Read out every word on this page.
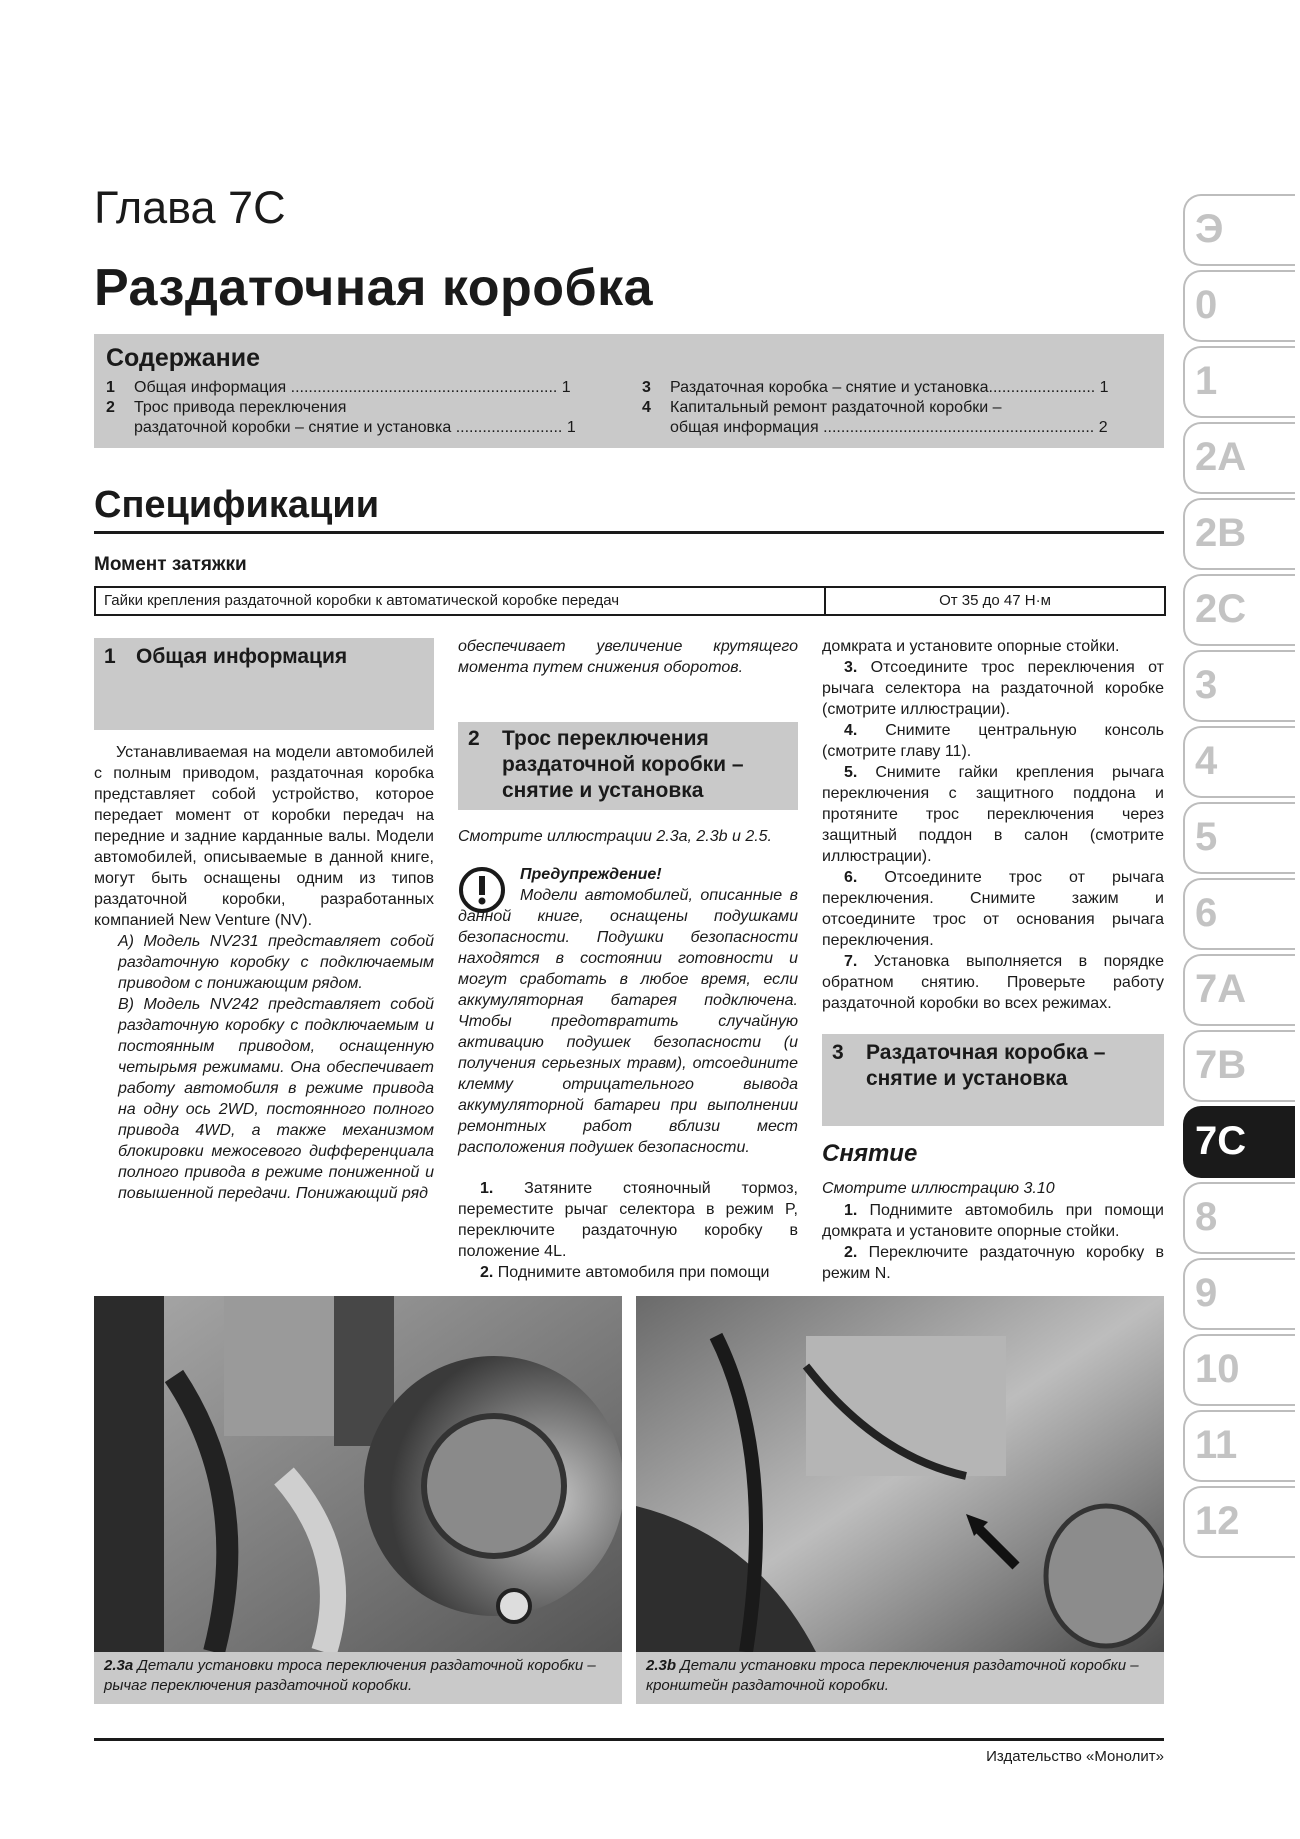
Глава 7С
Раздаточная коробка
Содержание
1 Общая информация ............................................................ 1
2 Трос привода переключения
раздаточной коробки – снятие и установка ........................ 1
3 Раздаточная коробка – снятие и установка........................ 1
4 Капитальный ремонт раздаточной коробки –
общая информация ............................................................. 2
Спецификации
Момент затяжки
Гайки крепления раздаточной коробки к автоматической коробке передач	От 35 до 47 Н·м
1 Общая информация

Устанавливаемая на модели автомобилей с полным приводом, раздаточная коробка представляет собой устройство, которое передает момент от коробки передач на передние и задние карданные валы. Модели автомобилей, описываемые в данной книге, могут быть оснащены одним из типов раздаточной коробки, разработанных компанией New Venture (NV).

А) Модель NV231 представляет собой раздаточную коробку с подключаемым приводом с понижающим рядом.

В) Модель NV242 представляет собой раздаточную коробку с подключаемым и постоянным приводом, оснащенную четырьмя режимами. Она обеспечивает работу автомобиля в режиме привода на одну ось 2WD, постоянного полного привода 4WD, а также механизмом блокировки межосевого дифференциала полного привода в режиме пониженной и повышенной передачи. Понижающий ряд

обеспечивает увеличение крутящего момента путем снижения оборотов.
2 Трос переключения раздаточной коробки – снятие и установка
Смотрите иллюстрации 2.3a, 2.3b и 2.5.
Предупреждение!
Модели автомобилей, описанные в данной книге, оснащены подушками безопасности. Подушки безопасности находятся в состоянии готовности и могут сработать в любое время, если аккумуляторная батарея подключена. Чтобы предотвратить случайную активацию подушек безопасности (и получения серьезных травм), отсоедините клемму отрицательного вывода аккумуляторной батареи при выполнении ремонтных работ вблизи мест расположения подушек безопасности.

1. Затяните стояночный тормоз, переместите рычаг селектора в режим P, переключите раздаточную коробку в положение 4L.

2. Поднимите автомобиля при помощи

домкрата и установите опорные стойки.

3. Отсоедините трос переключения от рычага селектора на раздаточной коробке (смотрите иллюстрации).

4. Снимите центральную консоль (смотрите главу 11).

5. Снимите гайки крепления рычага переключения с защитного поддона и протяните трос переключения через защитный поддон в салон (смотрите иллюстрации).

6. Отсоедините трос от рычага переключения. Снимите зажим и отсоедините трос от основания рычага переключения.

7. Установка выполняется в порядке обратном снятию. Проверьте работу раздаточной коробки во всех режимах.

3 Раздаточная коробка – снятие и установка
Снятие
Смотрите иллюстрацию 3.10

1. Поднимите автомобиль при помощи домкрата и установите опорные стойки.

2. Переключите раздаточную коробку в режим N.

2.3a Детали установки троса переключения раздаточной коробки – рычаг переключения раздаточной коробки.
2.3b Детали установки троса переключения раздаточной коробки – кронштейн раздаточной коробки.
Э
0
1
2A
2B
2C
3
4
5
6
7A
7B
7C
8
9
10
11
12
Издательство «Монолит»
